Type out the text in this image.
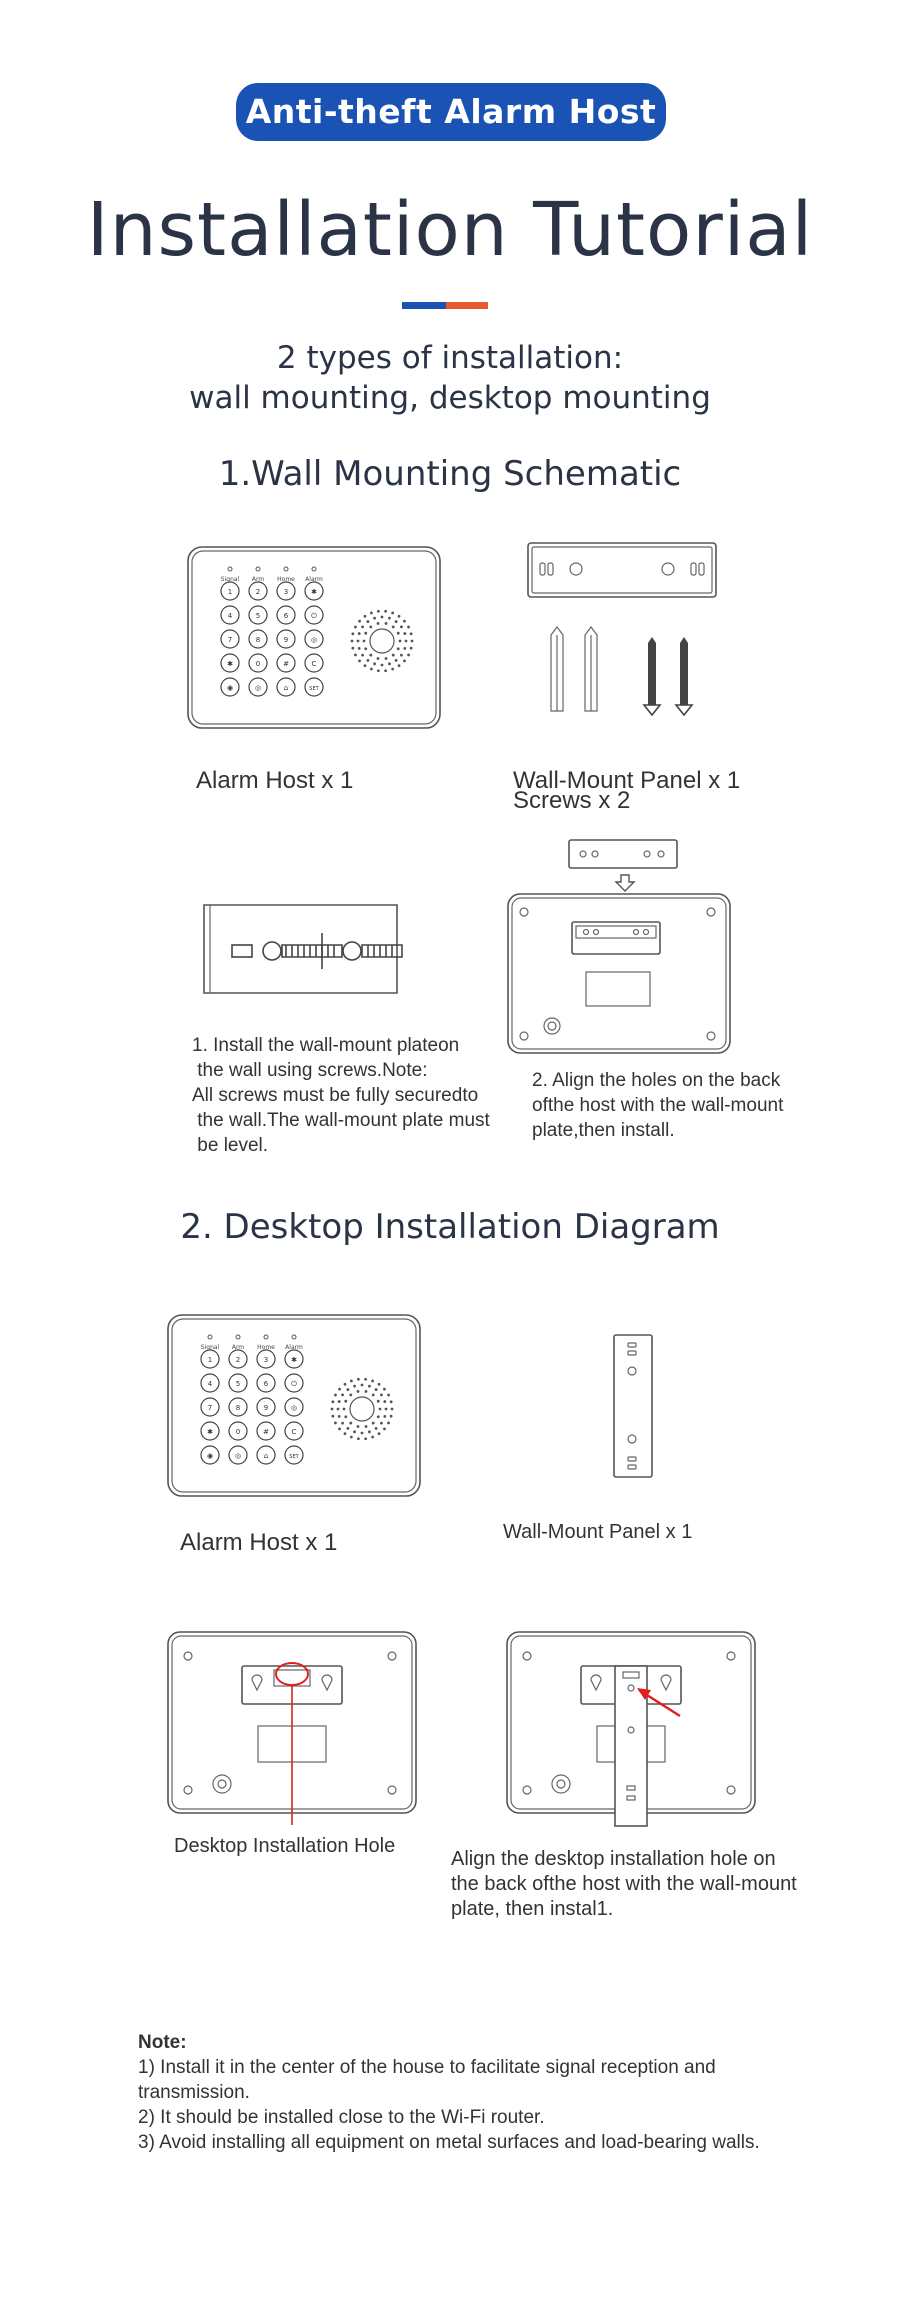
Anti-theft Alarm Host
Installation Tutorial
2 types of installation:
wall mounting, desktop mounting
1.Wall Mounting Schematic
Signal Arm Home Alarm
1	2	3	✱
4	5	6	⏻
7	8	9	◎
✱	0	#	C
◉	◎	⌂	SET
Alarm Host x 1	Wall-Mount Panel x 1
Screws x 2
1. Install the wall-mount plateon
the wall using screws.Note:
All screws must be fully securedto
the wall.The wall-mount plate must
be level.
2. Align the holes on the back
ofthe host with the wall-mount
plate,then install.
2. Desktop Installation Diagram
Signal Arm Home Alarm
1	2	3	✱
4	5	6	⏻
7	8	9	◎
✱	0	#	C
◉	◎	⌂	SET
Alarm Host x 1	Wall-Mount Panel x 1
Desktop Installation Hole
Align the desktop installation hole on
the back ofthe host with the wall-mount
plate, then instal1.
Note:
1) Install it in the center of the house to facilitate signal reception and transmission.
2) It should be installed close to the Wi-Fi router.
3) Avoid installing all equipment on metal surfaces and load-bearing walls.
